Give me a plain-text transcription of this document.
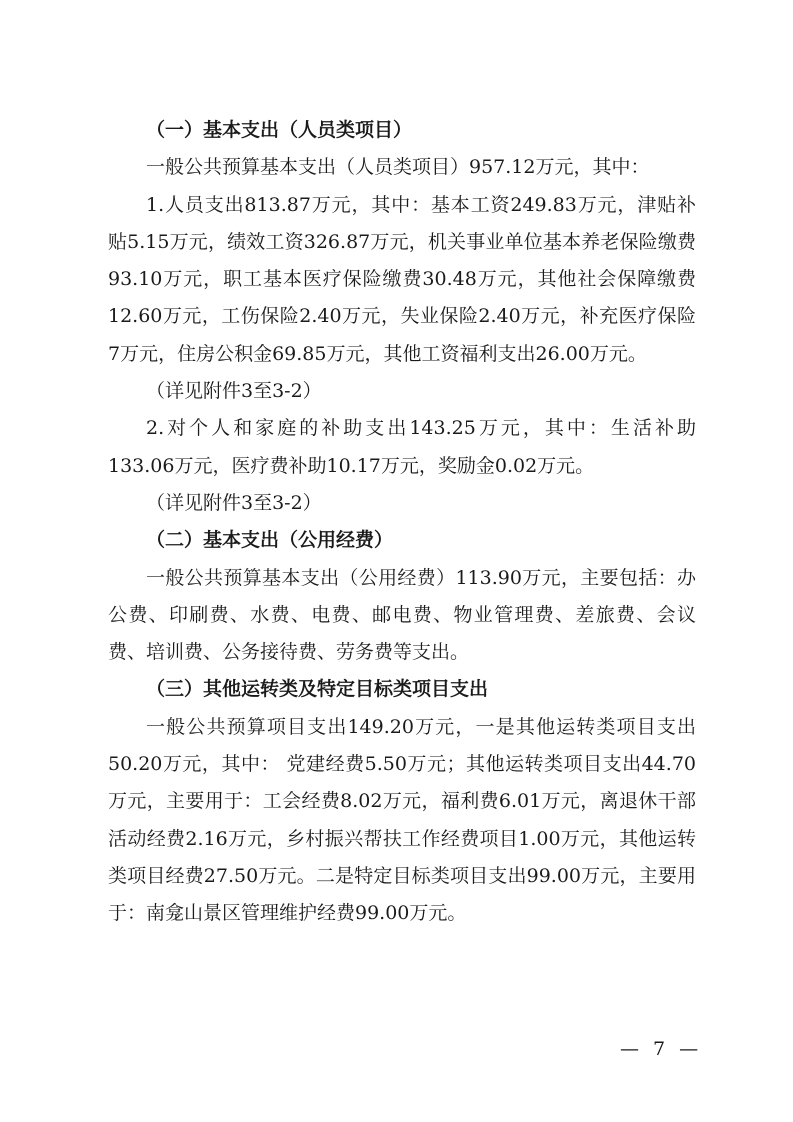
（一）基本支出（人员类项目）

一般公共预算基本支出（人员类项目）957.12万元，其中：

1.人员支出813.87万元，其中：基本工资249.83万元，津贴补贴5.15万元，绩效工资326.87万元，机关事业单位基本养老保险缴费93.10万元，职工基本医疗保险缴费30.48万元，其他社会保障缴费12.60万元，工伤保险2.40万元，失业保险2.40万元，补充医疗保险7万元，住房公积金69.85万元，其他工资福利支出26.00万元。

（详见附件3至3-2）

2.对个人和家庭的补助支出143.25万元，其中：生活补助133.06万元，医疗费补助10.17万元，奖励金0.02万元。

（详见附件3至3-2）

（二）基本支出（公用经费）

一般公共预算基本支出（公用经费）113.90万元，主要包括：办公费、印刷费、水费、电费、邮电费、物业管理费、差旅费、会议费、培训费、公务接待费、劳务费等支出。

（三）其他运转类及特定目标类项目支出

一般公共预算项目支出149.20万元，一是其他运转类项目支出50.20万元，其中： 党建经费5.50万元；其他运转类项目支出44.70万元，主要用于：工会经费8.02万元，福利费6.01万元，离退休干部活动经费2.16万元，乡村振兴帮扶工作经费项目1.00万元，其他运转类项目经费27.50万元。二是特定目标类项目支出99.00万元，主要用于：南龛山景区管理维护经费99.00万元。

— 7 —
